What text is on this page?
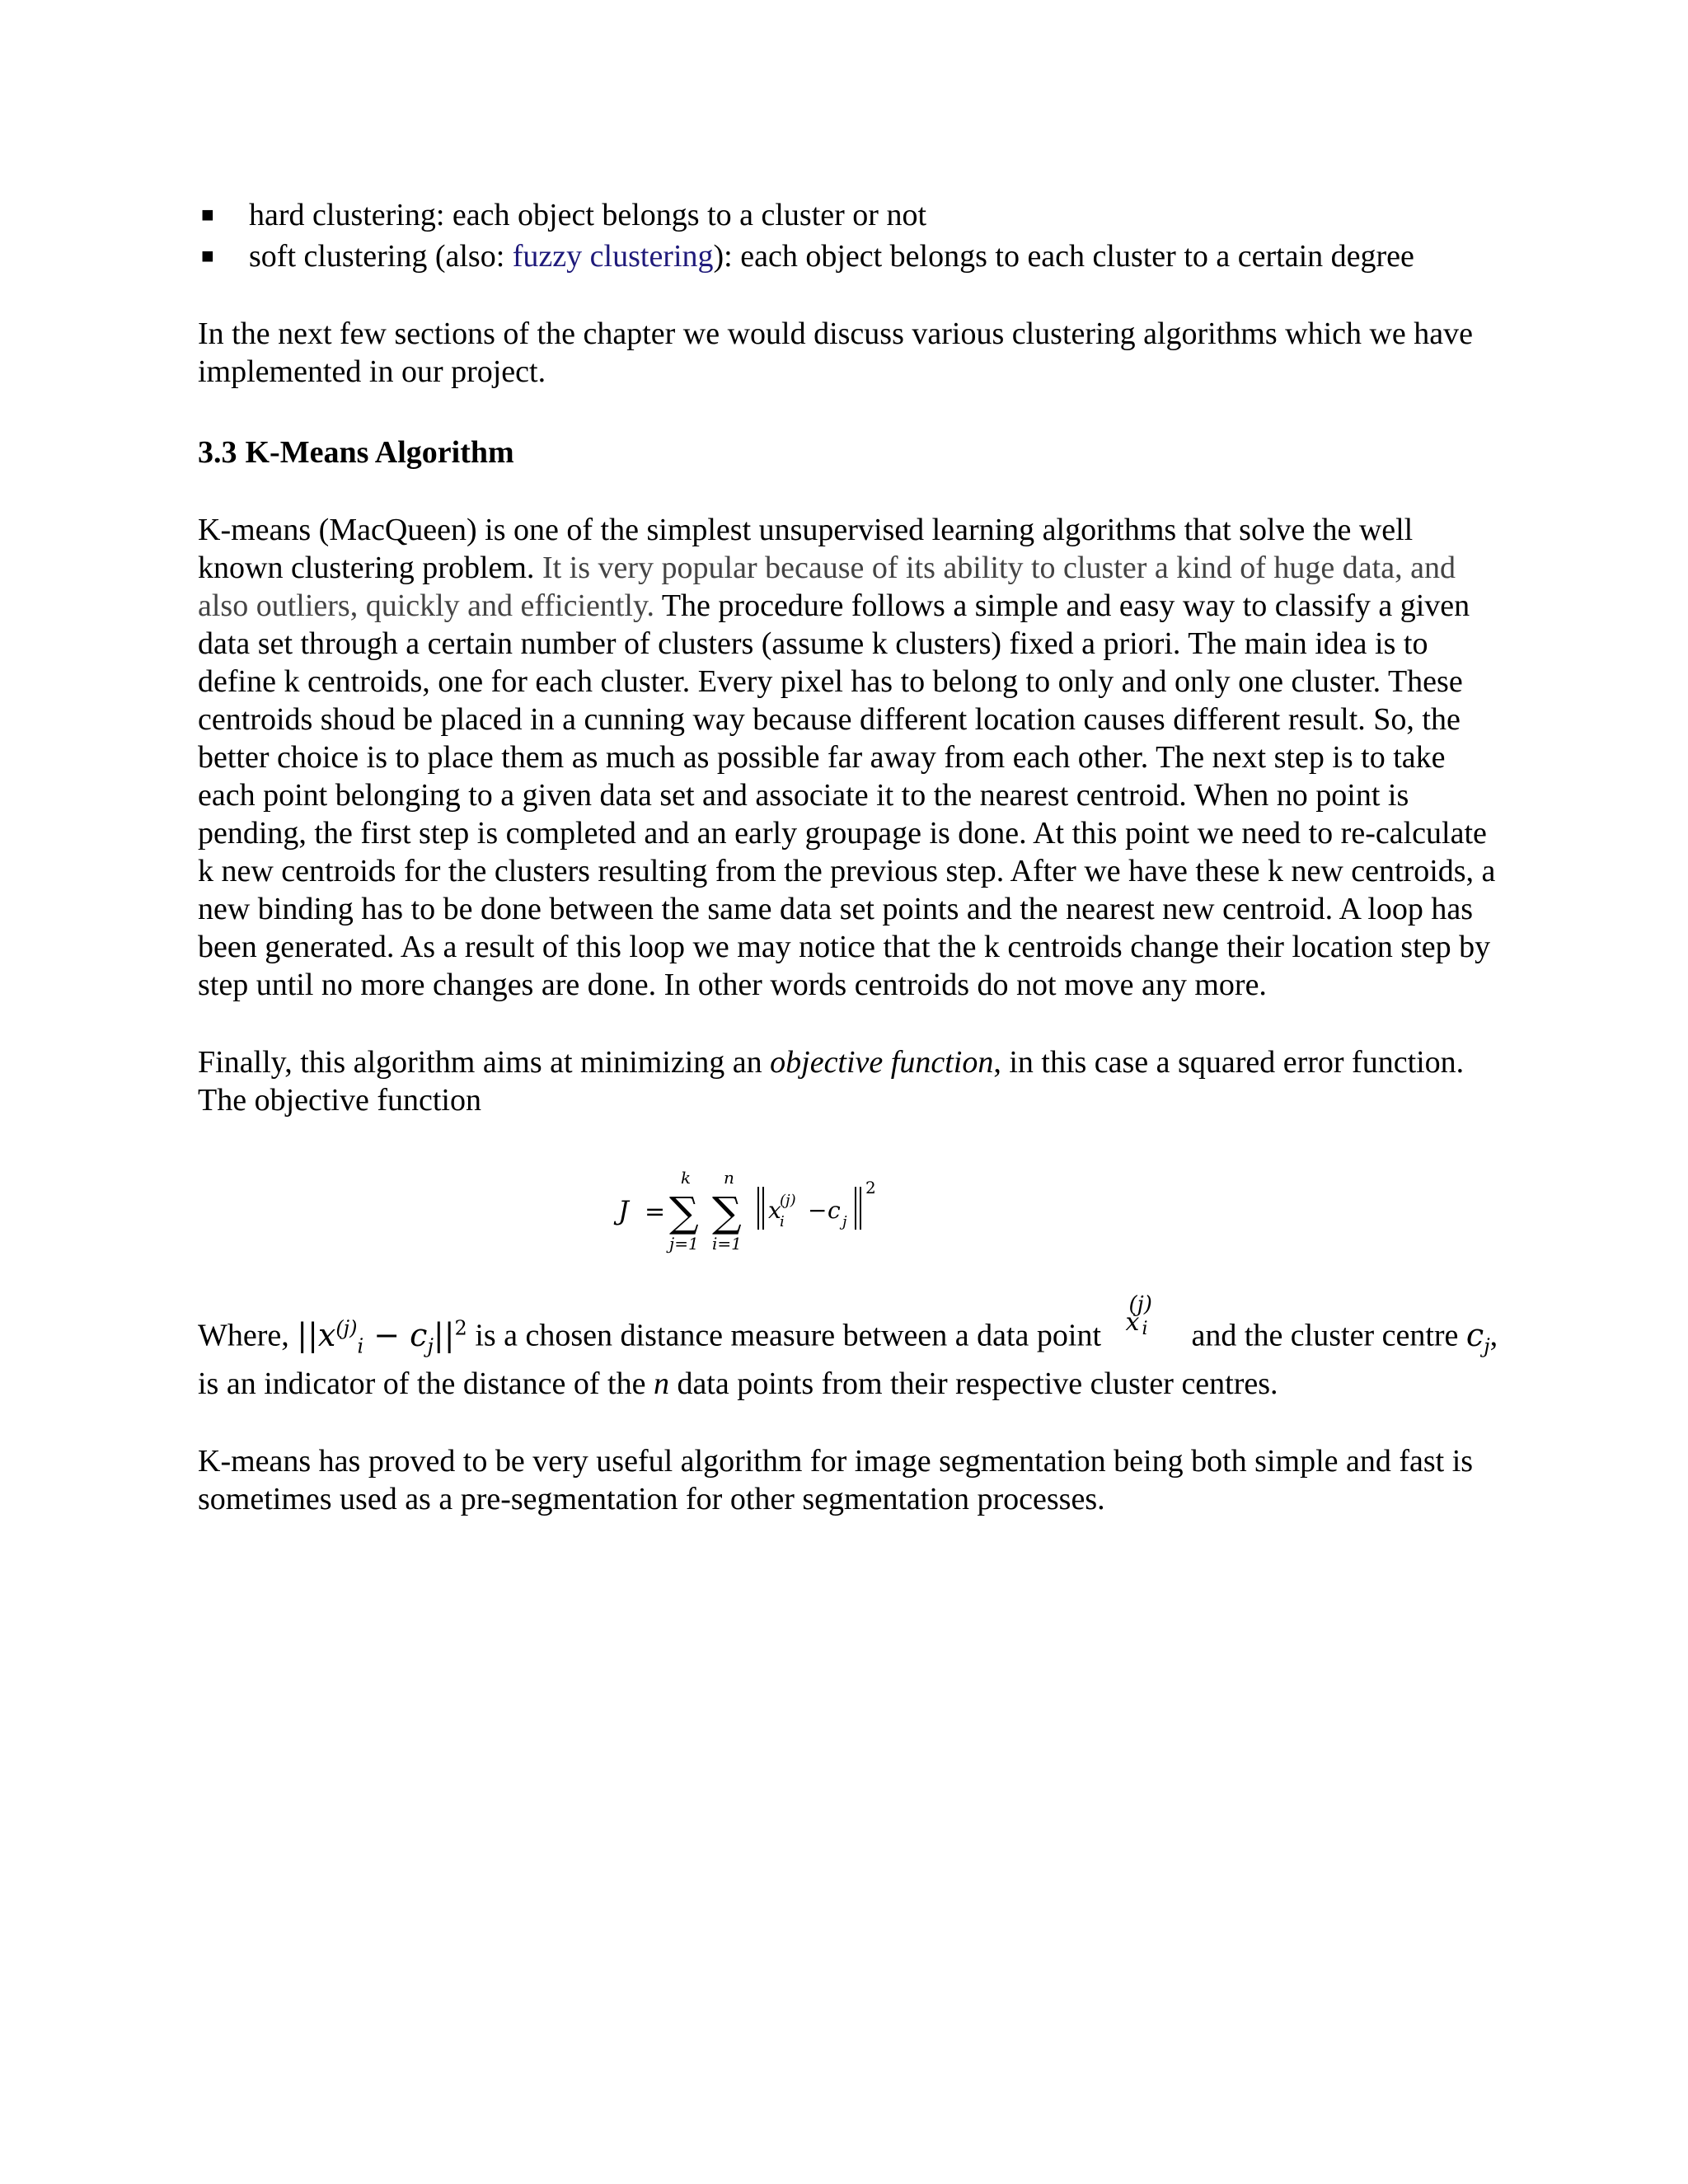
■ hard clustering: each object belongs to a cluster or not
■ soft clustering (also: fuzzy clustering): each object belongs to each cluster to a certain degree

In the next few sections of the chapter we would discuss various clustering algorithms which we have implemented in our project.

3.3 K-Means Algorithm

K-means (MacQueen) is one of the simplest unsupervised learning algorithms that solve the well known clustering problem. It is very popular because of its ability to cluster a kind of huge data, and also outliers, quickly and efficiently. The procedure follows a simple and easy way to classify a given data set through a certain number of clusters (assume k clusters) fixed a priori. The main idea is to define k centroids, one for each cluster. Every pixel has to belong to only and only one cluster. These centroids shoud be placed in a cunning way because different location causes different result. So, the better choice is to place them as much as possible far away from each other. The next step is to take each point belonging to a given data set and associate it to the nearest centroid. When no point is pending, the first step is completed and an early groupage is done. At this point we need to re-calculate k new centroids for the clusters resulting from the previous step. After we have these k new centroids, a new binding has to be done between the same data set points and the nearest new centroid. A loop has been generated. As a result of this loop we may notice that the k centroids change their location step by step until no more changes are done. In other words centroids do not move any more.

Finally, this algorithm aims at minimizing an objective function, in this case a squared error function. The objective function

J =
k
∑
j=1
n
∑
i=1
x
(j)
i − c j
2

Where, $||x^{(j)}_i - c_j||^2$ is a chosen distance measure between a data point
(j)
x i and the cluster centre $c_j$, is an indicator of the distance of the n data points from their respective cluster centres.

K-means has proved to be very useful algorithm for image segmentation being both simple and fast is sometimes used as a pre-segmentation for other segmentation processes.
